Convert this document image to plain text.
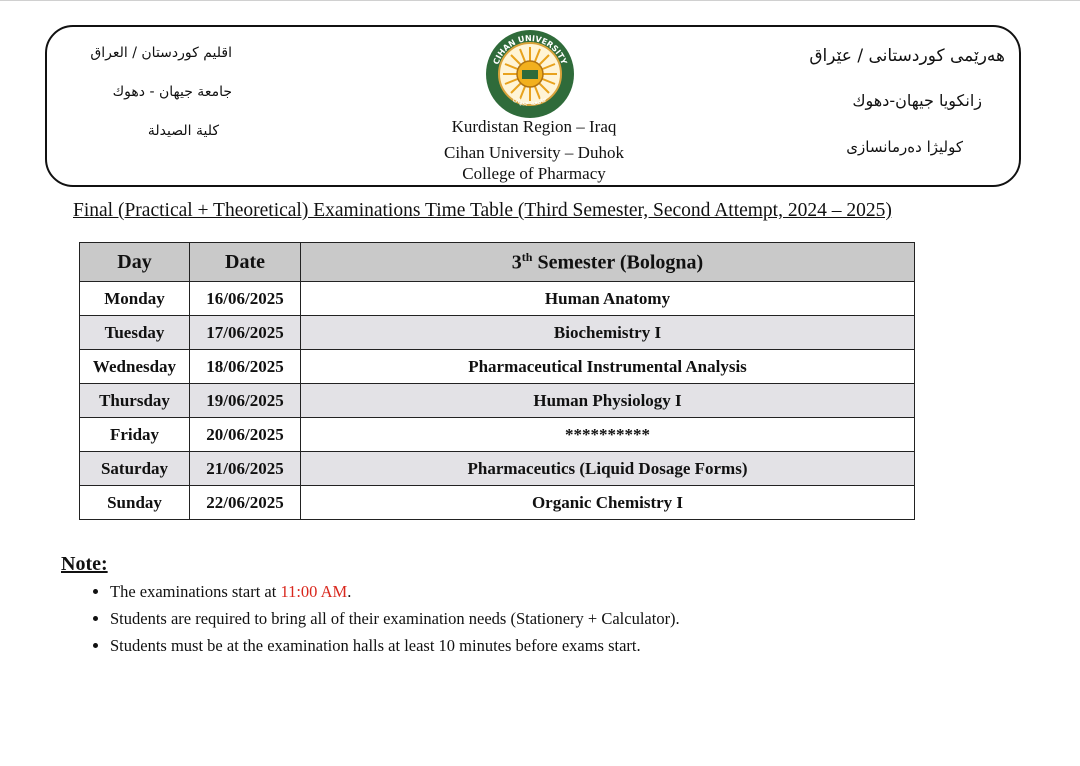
اقليم كوردستان / العراق
جامعة جيهان - دهوك
كلية الصيدلة
CIHAN UNIVERSITY
جامعة جيهان
Kurdistan Region – Iraq
Cihan University – Duhok
College of Pharmacy
هەرێمی کوردستانی / عێراق
زانكويا جيهان-دهوك
كوليژا دەرمانسازی
Final (Practical + Theoretical) Examinations Time Table (Third Semester, Second Attempt, 2024 – 2025)
Day	Date	3th Semester (Bologna)
Monday	16/06/2025	Human Anatomy
Tuesday	17/06/2025	Biochemistry I
Wednesday	18/06/2025	Pharmaceutical Instrumental Analysis
Thursday	19/06/2025	Human Physiology I
Friday	20/06/2025	**********
Saturday	21/06/2025	Pharmaceutics (Liquid Dosage Forms)
Sunday	22/06/2025	Organic Chemistry I
Note:
• The examinations start at 11:00 AM.
• Students are required to bring all of their examination needs (Stationery + Calculator).
• Students must be at the examination halls at least 10 minutes before exams start.
